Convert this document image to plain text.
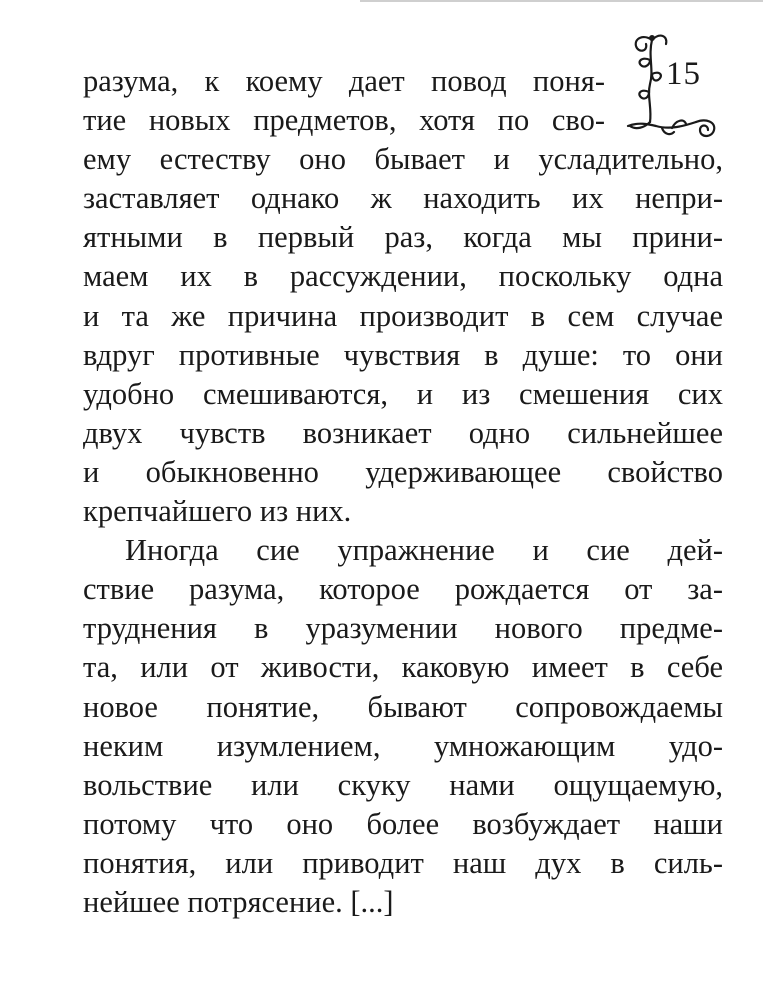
15
разума, к коему дает повод поня-
тие новых предметов, хотя по сво-
ему естеству оно бывает и усладительно,
заставляет однако ж находить их непри-
ятными в первый раз, когда мы прини-
маем их в рассуждении, поскольку одна
и та же причина производит в сем случае
вдруг противные чувствия в душе: то они
удобно смешиваются, и из смешения сих
двух чувств возникает одно сильнейшее
и обыкновенно удерживающее свойство
крепчайшего из них.
Иногда сие упражнение и сие дей-
ствие разума, которое рождается от за-
труднения в уразумении нового предме-
та, или от живости, каковую имеет в себе
новое понятие, бывают сопровождаемы
неким изумлением, умножающим удо-
вольствие или скуку нами ощущаемую,
потому что оно более возбуждает наши
понятия, или приводит наш дух в силь-
нейшее потрясение. [...]
